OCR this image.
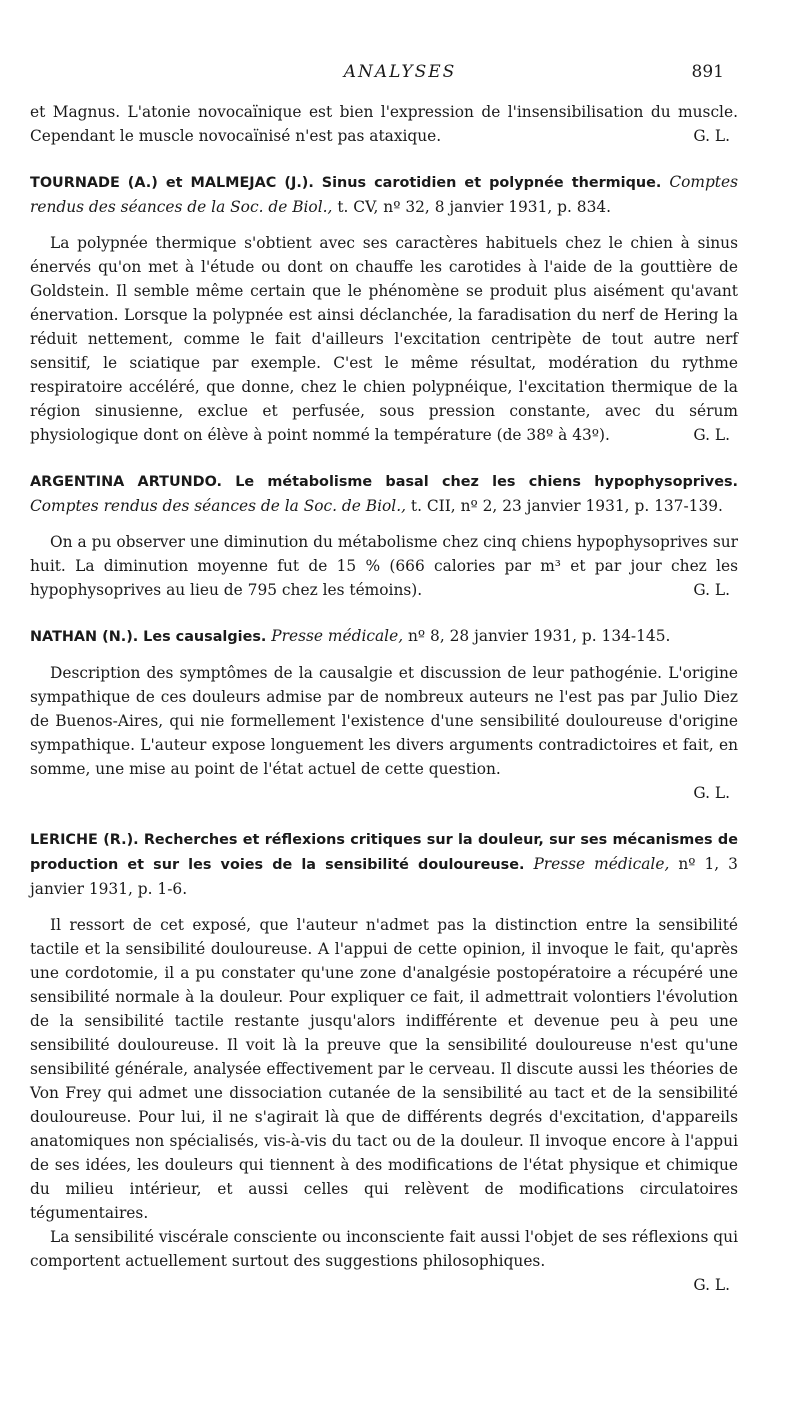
ANALYSES	891

et Magnus. L'atonie novocaïnique est bien l'expression de l'insensibilisation du muscle. Cependant le muscle novocaïnisé n'est pas ataxique.	G. L.

TOURNADE (A.) et MALMEJAC (J.). Sinus carotidien et polypnée thermique. Comptes rendus des séances de la Soc. de Biol., t. CV, nº 32, 8 janvier 1931, p. 834.

La polypnée thermique s'obtient avec ses caractères habituels chez le chien à sinus énervés qu'on met à l'étude ou dont on chauffe les carotides à l'aide de la gouttière de Goldstein. Il semble même certain que le phénomène se produit plus aisément qu'avant énervation. Lorsque la polypnée est ainsi déclanchée, la faradisation du nerf de Hering la réduit nettement, comme le fait d'ailleurs l'excitation centripète de tout autre nerf sensitif, le sciatique par exemple. C'est le même résultat, modération du rythme respiratoire accéléré, que donne, chez le chien polypnéique, l'excitation thermique de la région sinusienne, exclue et perfusée, sous pression constante, avec du sérum physiologique dont on élève à point nommé la température (de 38º à 43º).	G. L.

ARGENTINA ARTUNDO. Le métabolisme basal chez les chiens hypophysoprives. Comptes rendus des séances de la Soc. de Biol., t. CII, nº 2, 23 janvier 1931, p. 137-139.

On a pu observer une diminution du métabolisme chez cinq chiens hypophysoprives sur huit. La diminution moyenne fut de 15 % (666 calories par m³ et par jour chez les hypophysoprives au lieu de 795 chez les témoins).	G. L.

NATHAN (N.). Les causalgies. Presse médicale, nº 8, 28 janvier 1931, p. 134-145.

Description des symptômes de la causalgie et discussion de leur pathogénie. L'origine sympathique de ces douleurs admise par de nombreux auteurs ne l'est pas par Julio Diez de Buenos-Aires, qui nie formellement l'existence d'une sensibilité douloureuse d'origine sympathique. L'auteur expose longuement les divers arguments contradictoires et fait, en somme, une mise au point de l'état actuel de cette question.

G. L.
LERICHE (R.). Recherches et réflexions critiques sur la douleur, sur ses mécanismes de production et sur les voies de la sensibilité douloureuse. Presse médicale, nº 1, 3 janvier 1931, p. 1-6.

Il ressort de cet exposé, que l'auteur n'admet pas la distinction entre la sensibilité tactile et la sensibilité douloureuse. A l'appui de cette opinion, il invoque le fait, qu'après une cordotomie, il a pu constater qu'une zone d'analgésie postopératoire a récupéré une sensibilité normale à la douleur. Pour expliquer ce fait, il admettrait volontiers l'évolution de la sensibilité tactile restante jusqu'alors indifférente et devenue peu à peu une sensibilité douloureuse. Il voit là la preuve que la sensibilité douloureuse n'est qu'une sensibilité générale, analysée effectivement par le cerveau. Il discute aussi les théories de Von Frey qui admet une dissociation cutanée de la sensibilité au tact et de la sensibilité douloureuse. Pour lui, il ne s'agirait là que de différents degrés d'excitation, d'appareils anatomiques non spécialisés, vis-à-vis du tact ou de la douleur. Il invoque encore à l'appui de ses idées, les douleurs qui tiennent à des modifications de l'état physique et chimique du milieu intérieur, et aussi celles qui relèvent de modifications circulatoires tégumentaires.

La sensibilité viscérale consciente ou inconsciente fait aussi l'objet de ses réflexions qui comportent actuellement surtout des suggestions philosophiques.

G. L.
